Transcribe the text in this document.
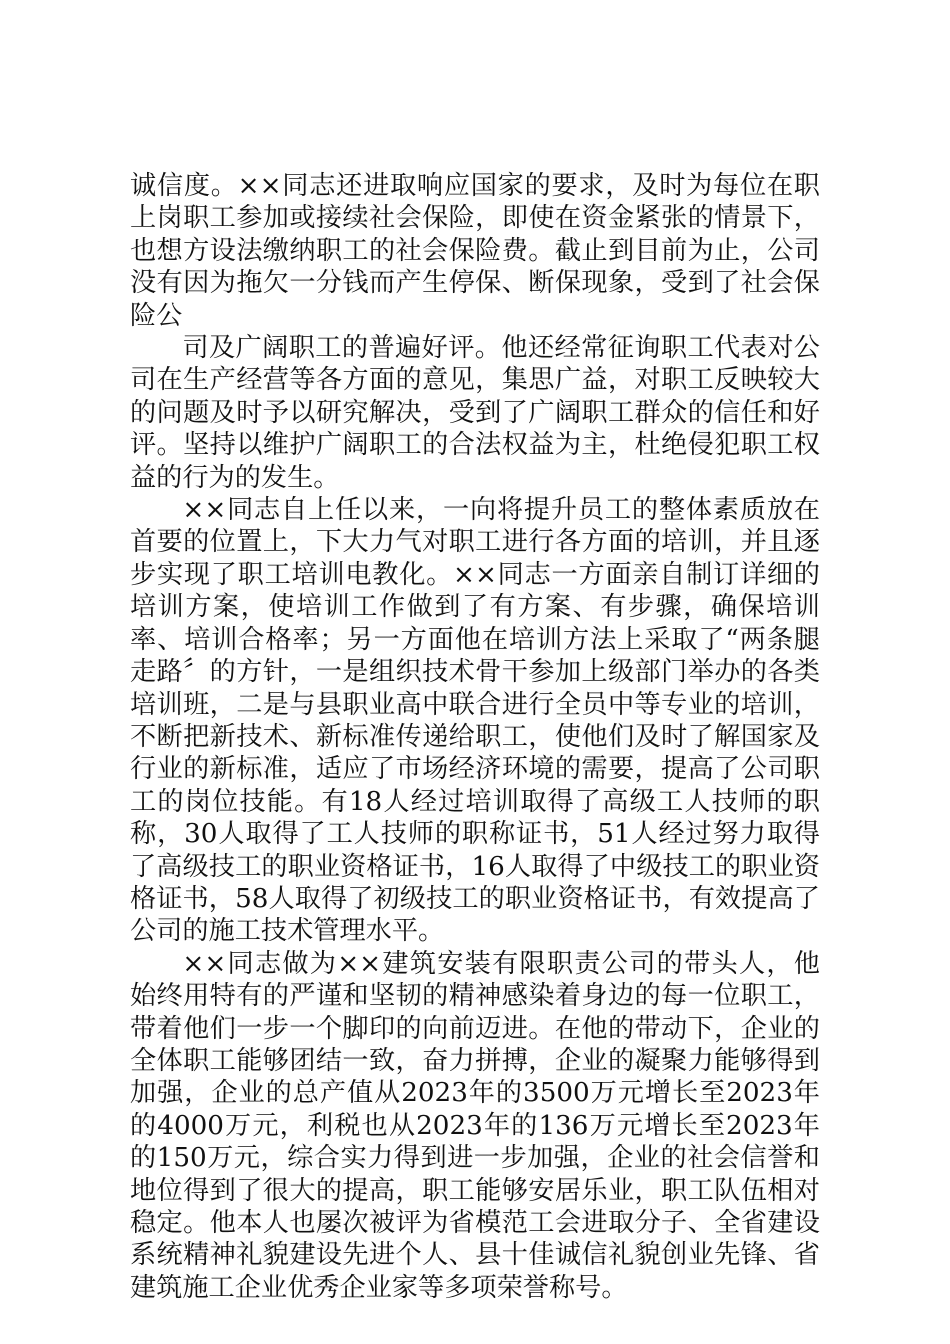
诚信度。××同志还进取响应国家的要求，及时为每位在职上岗职工参加或接续社会保险，即使在资金紧张的情景下，也想方设法缴纳职工的社会保险费。截止到目前为止，公司没有因为拖欠一分钱而产生停保、断保现象，受到了社会保险公

司及广阔职工的普遍好评。他还经常征询职工代表对公司在生产经营等各方面的意见，集思广益，对职工反映较大的问题及时予以研究解决，受到了广阔职工群众的信任和好评。坚持以维护广阔职工的合法权益为主，杜绝侵犯职工权益的行为的发生。

××同志自上任以来，一向将提升员工的整体素质放在首要的位置上，下大力气对职工进行各方面的培训，并且逐步实现了职工培训电教化。××同志一方面亲自制订详细的培训方案，使培训工作做到了有方案、有步骤，确保培训率、培训合格率；另一方面他在培训方法上采取了“两条腿走路〞的方针，一是组织技术骨干参加上级部门举办的各类培训班，二是与县职业高中联合进行全员中等专业的培训，不断把新技术、新标准传递给职工，使他们及时了解国家及行业的新标准，适应了市场经济环境的需要，提高了公司职工的岗位技能。有18人经过培训取得了高级工人技师的职称，30人取得了工人技师的职称证书，51人经过努力取得了高级技工的职业资格证书，16人取得了中级技工的职业资格证书，58人取得了初级技工的职业资格证书，有效提高了公司的施工技术管理水平。

××同志做为××建筑安装有限职责公司的带头人，他始终用特有的严谨和坚韧的精神感染着身边的每一位职工，带着他们一步一个脚印的向前迈进。在他的带动下，企业的全体职工能够团结一致，奋力拼搏，企业的凝聚力能够得到加强，企业的总产值从2023年的3500万元增长至2023年的4000万元，利税也从2023年的136万元增长至2023年的150万元，综合实力得到进一步加强，企业的社会信誉和地位得到了很大的提高，职工能够安居乐业，职工队伍相对稳定。他本人也屡次被评为省模范工会进取分子、全省建设系统精神礼貌建设先进个人、县十佳诚信礼貌创业先锋、省建筑施工企业优秀企业家等多项荣誉称号。
